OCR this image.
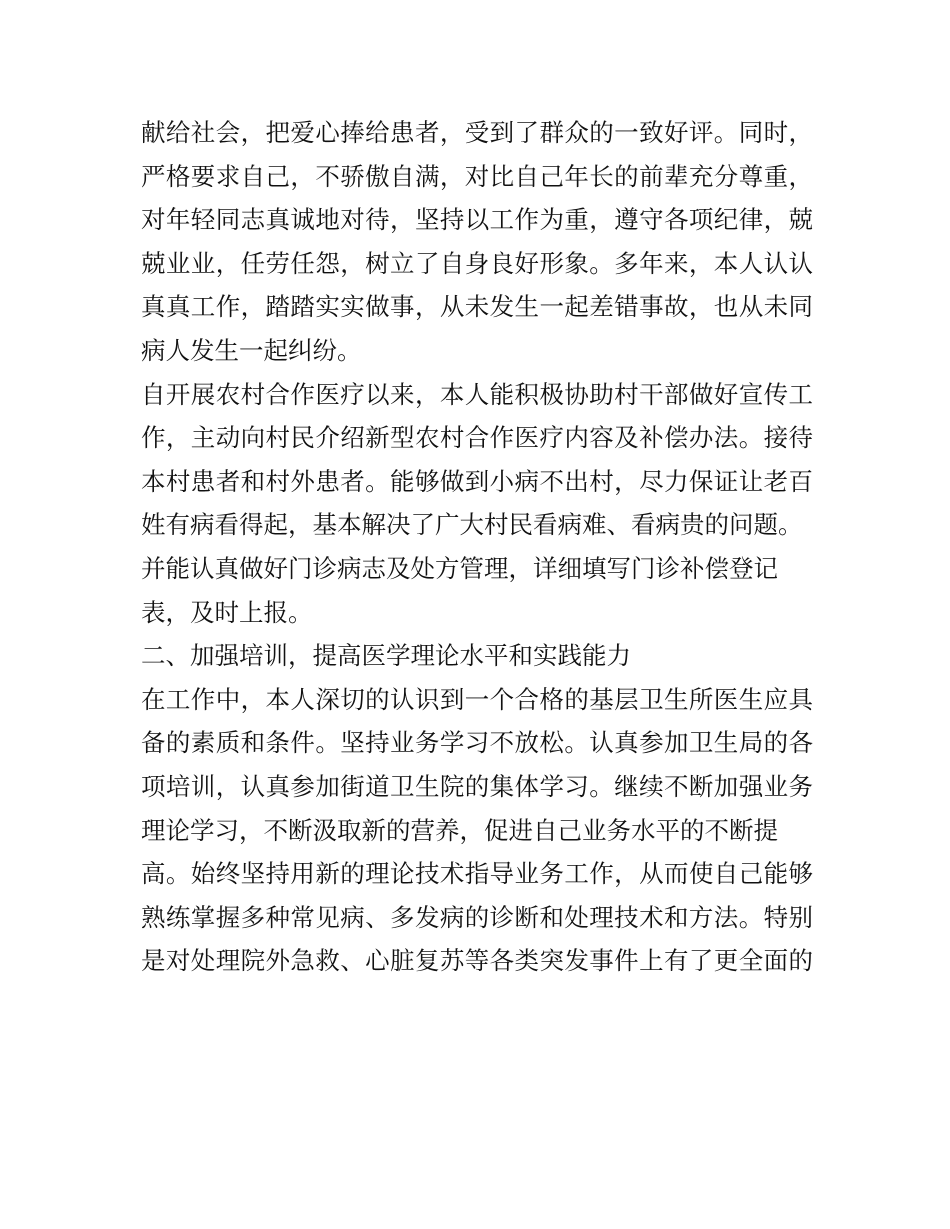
献给社会，把爱心捧给患者，受到了群众的一致好评。同时，
严格要求自己，不骄傲自满，对比自己年长的前辈充分尊重，
对年轻同志真诚地对待，坚持以工作为重，遵守各项纪律，兢
兢业业，任劳任怨，树立了自身良好形象。多年来，本人认认
真真工作，踏踏实实做事，从未发生一起差错事故，也从未同
病人发生一起纠纷。
自开展农村合作医疗以来，本人能积极协助村干部做好宣传工
作，主动向村民介绍新型农村合作医疗内容及补偿办法。接待
本村患者和村外患者。能够做到小病不出村，尽力保证让老百
姓有病看得起，基本解决了广大村民看病难、看病贵的问题。
并能认真做好门诊病志及处方管理，详细填写门诊补偿登记
表，及时上报。
二、加强培训，提高医学理论水平和实践能力
在工作中，本人深切的认识到一个合格的基层卫生所医生应具
备的素质和条件。坚持业务学习不放松。认真参加卫生局的各
项培训，认真参加街道卫生院的集体学习。继续不断加强业务
理论学习，不断汲取新的营养，促进自己业务水平的不断提
高。始终坚持用新的理论技术指导业务工作，从而使自己能够
熟练掌握多种常见病、多发病的诊断和处理技术和方法。特别
是对处理院外急救、心脏复苏等各类突发事件上有了更全面的
